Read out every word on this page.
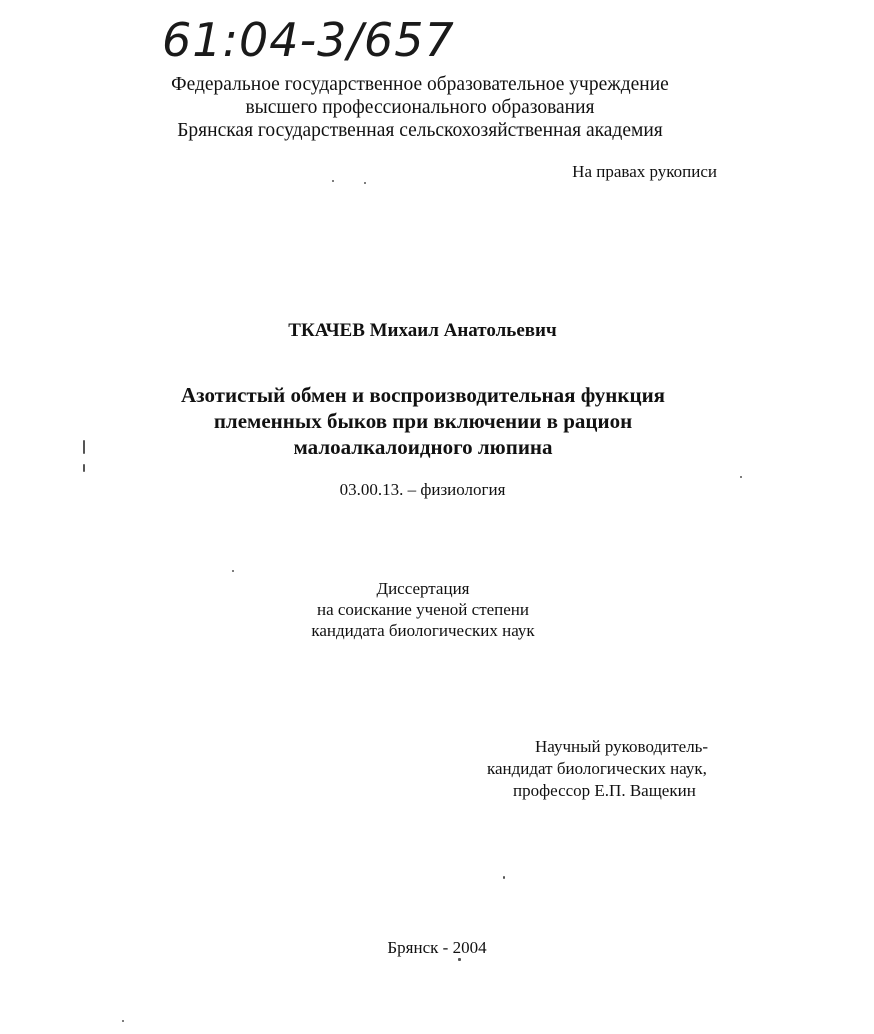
61:04-3/657
Федеральное государственное образовательное учреждение
высшего профессионального образования
Брянская государственная сельскохозяйственная академия
На правах рукописи
ТКАЧЕВ Михаил Анатольевич
Азотистый обмен и воспроизводительная функция
племенных быков при включении в рацион
малоалкалоидного люпина
03.00.13. – физиология
Диссертация
на соискание ученой степени
кандидата биологических наук
Научный руководитель-
кандидат биологических наук,
профессор Е.П. Ващекин
Брянск - 2004
